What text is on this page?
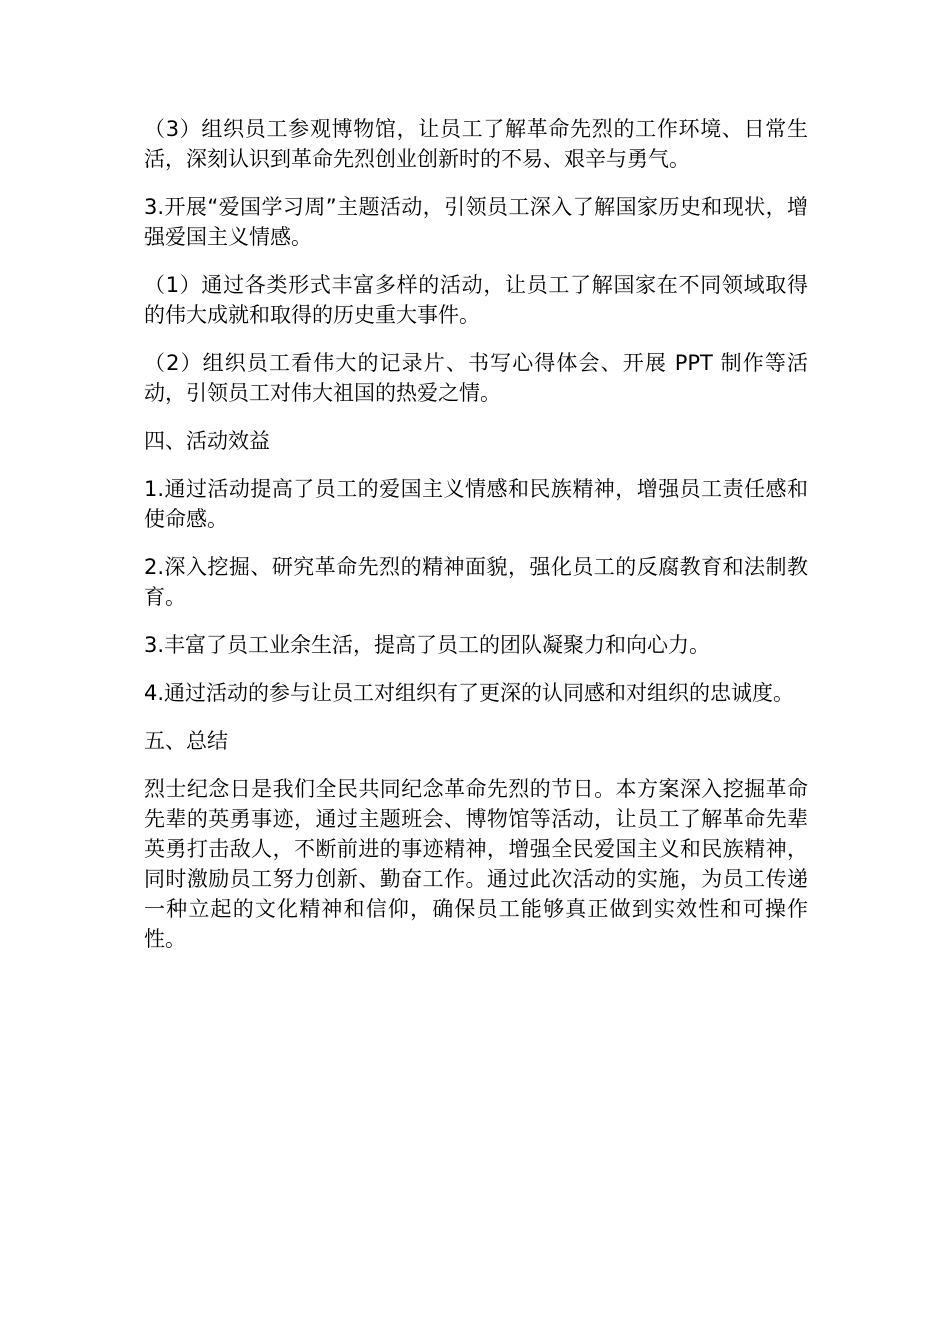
（3）组织员工参观博物馆，让员工了解革命先烈的工作环境、日常生活，深刻认识到革命先烈创业创新时的不易、艰辛与勇气。

3.开展“爱国学习周”主题活动，引领员工深入了解国家历史和现状，增强爱国主义情感。

（1）通过各类形式丰富多样的活动，让员工了解国家在不同领域取得的伟大成就和取得的历史重大事件。

（2）组织员工看伟大的记录片、书写心得体会、开展 PPT 制作等活动，引领员工对伟大祖国的热爱之情。

四、活动效益

1.通过活动提高了员工的爱国主义情感和民族精神，增强员工责任感和使命感。

2.深入挖掘、研究革命先烈的精神面貌，强化员工的反腐教育和法制教育。

3.丰富了员工业余生活，提高了员工的团队凝聚力和向心力。

4.通过活动的参与让员工对组织有了更深的认同感和对组织的忠诚度。

五、总结

烈士纪念日是我们全民共同纪念革命先烈的节日。本方案深入挖掘革命先辈的英勇事迹，通过主题班会、博物馆等活动，让员工了解革命先辈英勇打击敌人，不断前进的事迹精神，增强全民爱国主义和民族精神，同时激励员工努力创新、勤奋工作。通过此次活动的实施，为员工传递一种立起的文化精神和信仰，确保员工能够真正做到实效性和可操作性。
